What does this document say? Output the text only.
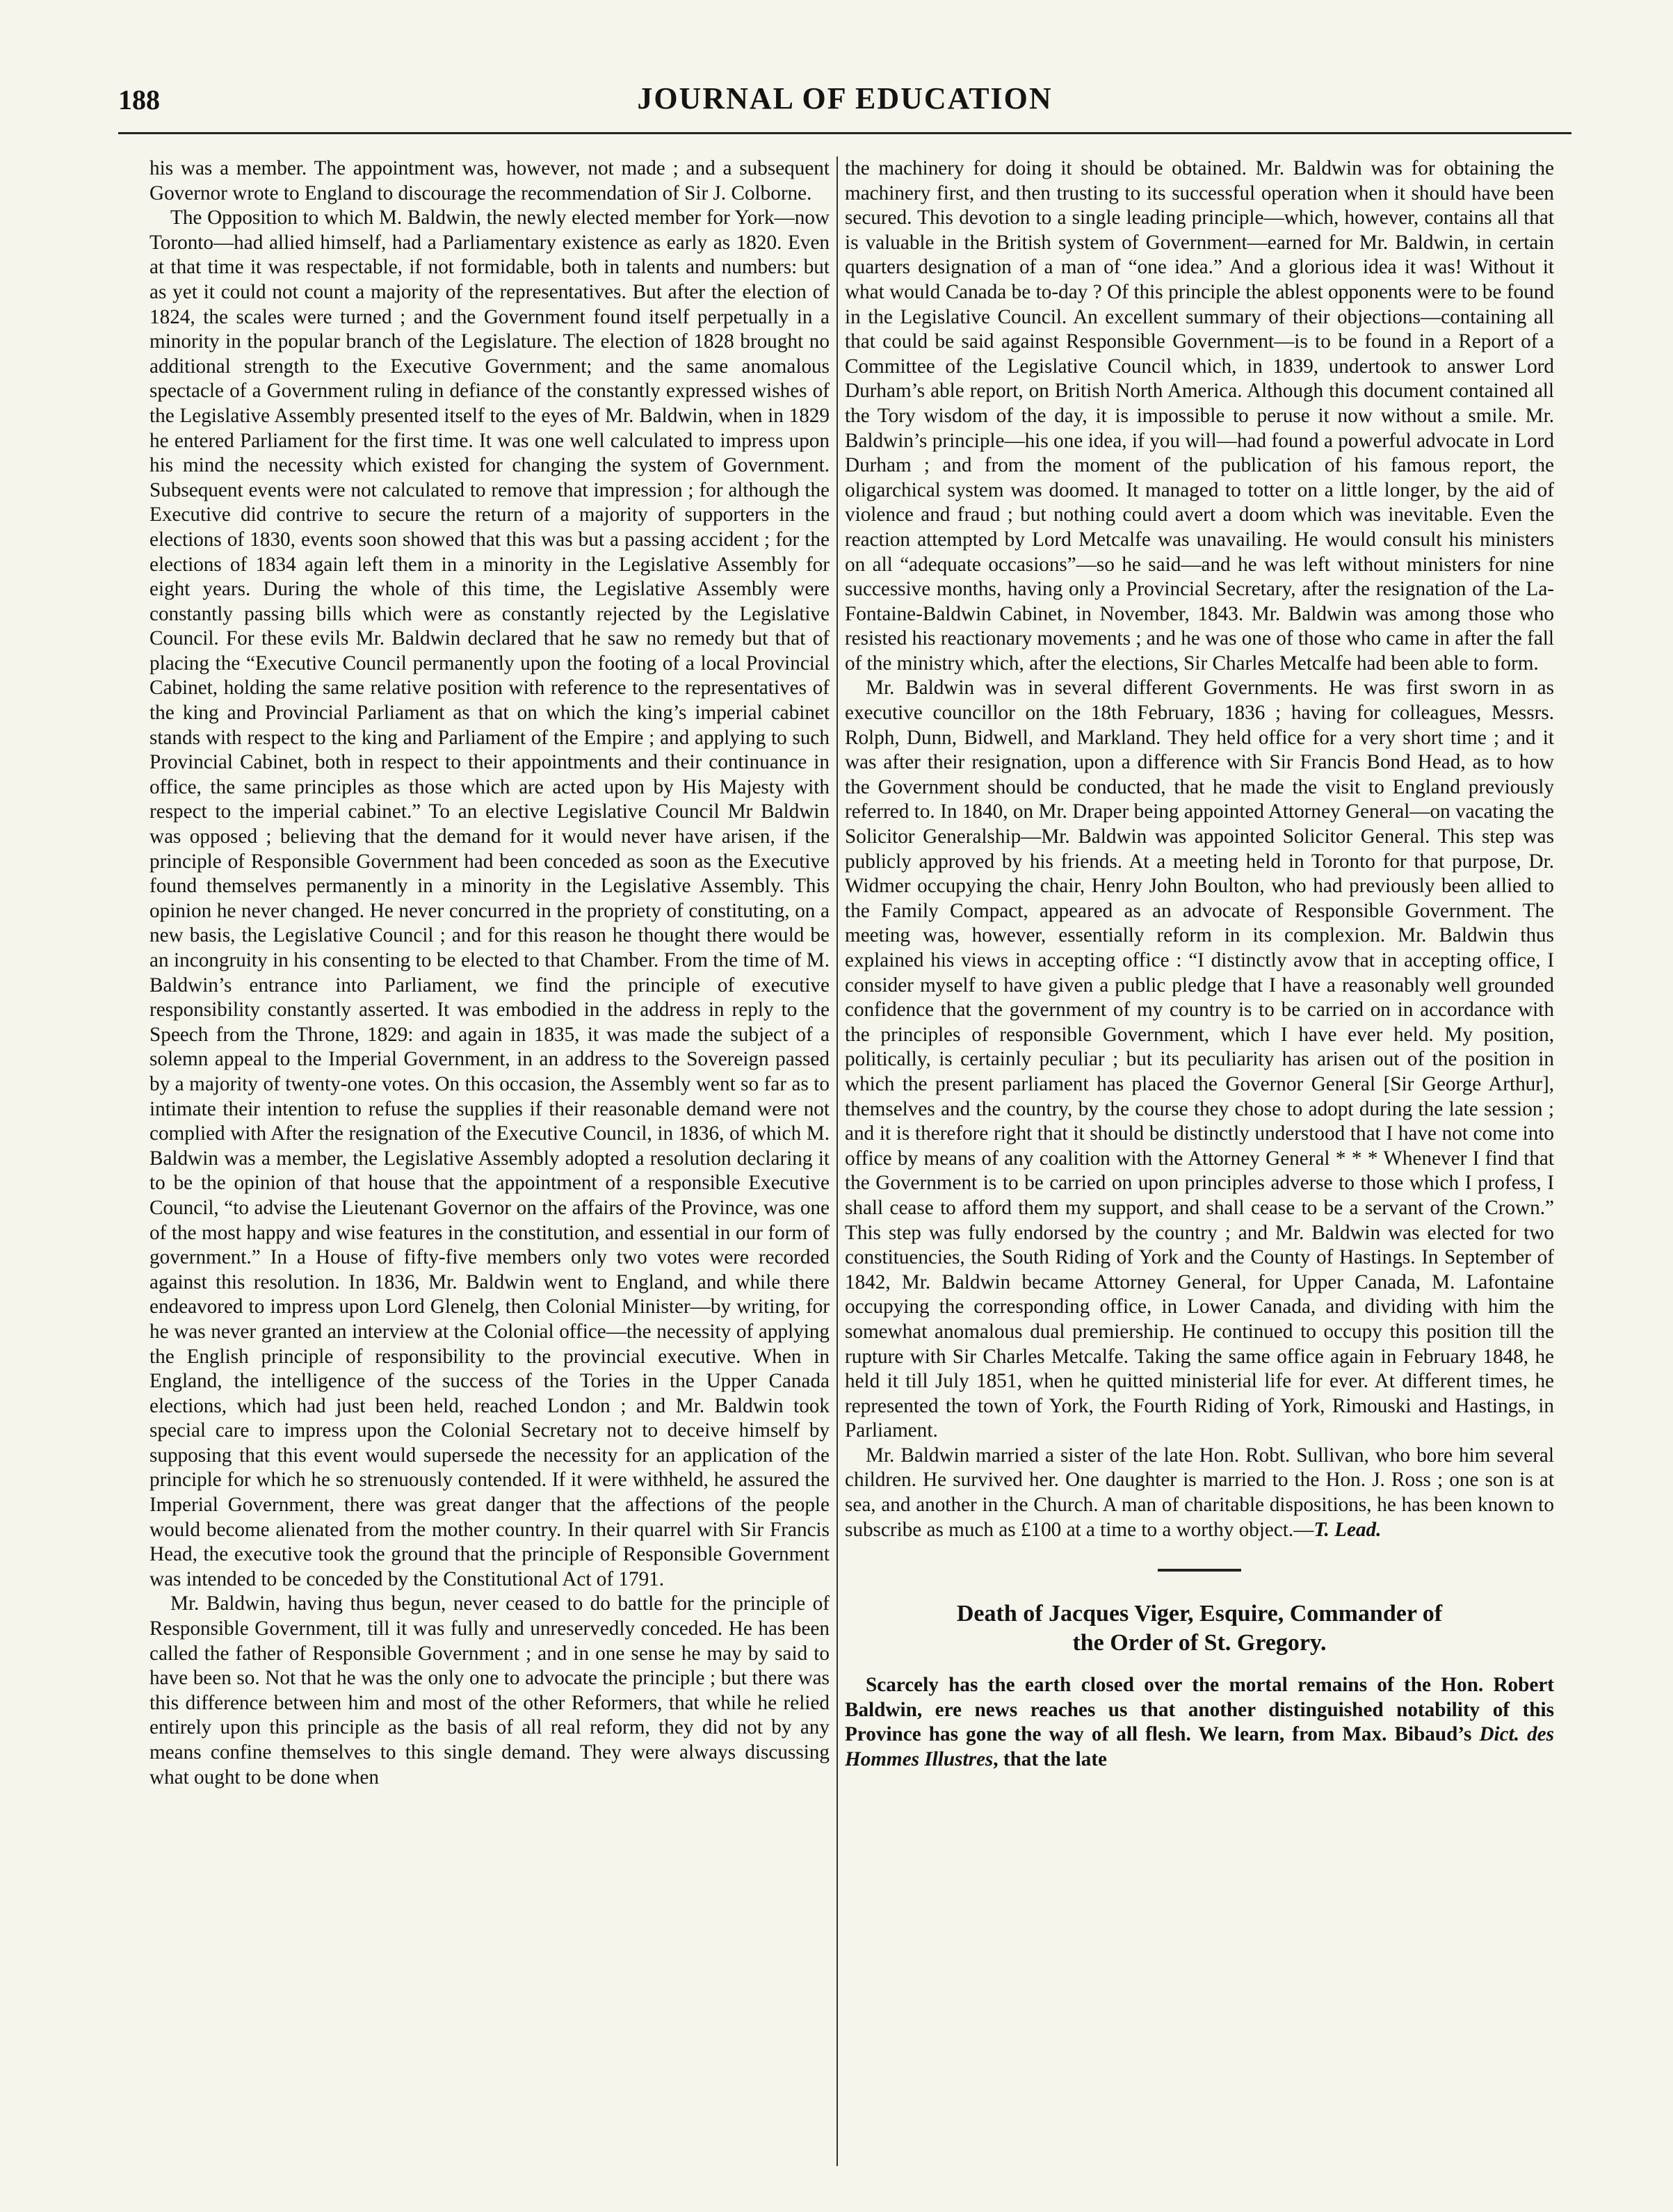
188	JOURNAL OF EDUCATION

his was a member. The appointment was, however, not made ; and a subsequent Governor wrote to England to discourage the recommendation of Sir J. Colborne.

The Opposition to which M. Baldwin, the newly elected member for York—now Toronto—had allied himself, had a Parliamentary existence as early as 1820. Even at that time it was respectable, if not formidable, both in talents and numbers: but as yet it could not count a majority of the representatives. But after the election of 1824, the scales were turned ; and the Government found itself perpetually in a minority in the popular branch of the Legislature. The election of 1828 brought no additional strength to the Executive Government; and the same anomalous spectacle of a Government ruling in defiance of the constantly expressed wishes of the Legislative Assembly presented itself to the eyes of Mr. Baldwin, when in 1829 he entered Parliament for the first time. It was one well calculated to impress upon his mind the necessity which existed for changing the system of Government. Subsequent events were not calculated to remove that impression ; for although the Executive did contrive to secure the return of a majority of supporters in the elections of 1830, events soon showed that this was but a passing accident ; for the elections of 1834 again left them in a minority in the Legislative Assembly for eight years. During the whole of this time, the Legislative Assembly were constantly passing bills which were as constantly rejected by the Legislative Council. For these evils Mr. Baldwin declared that he saw no remedy but that of placing the “Executive Council permanently upon the footing of a local Provincial Cabinet, holding the same relative position with reference to the representatives of the king and Provincial Parliament as that on which the king’s imperial cabinet stands with respect to the king and Parliament of the Empire ; and applying to such Provincial Cabinet, both in respect to their appointments and their continuance in office, the same principles as those which are acted upon by His Majesty with respect to the imperial cabinet.” To an elective Legislative Council Mr Baldwin was opposed ; believing that the demand for it would never have arisen, if the principle of Responsible Government had been conceded as soon as the Executive found themselves permanently in a minority in the Legislative Assembly. This opinion he never changed. He never concurred in the propriety of constituting, on a new basis, the Legislative Council ; and for this reason he thought there would be an incongruity in his consenting to be elected to that Chamber. From the time of M. Baldwin’s entrance into Parliament, we find the principle of executive responsibility constantly asserted. It was embodied in the address in reply to the Speech from the Throne, 1829: and again in 1835, it was made the subject of a solemn appeal to the Imperial Government, in an address to the Sovereign passed by a majority of twenty-one votes. On this occasion, the Assembly went so far as to intimate their intention to refuse the supplies if their reasonable demand were not complied with After the resignation of the Executive Council, in 1836, of which M. Baldwin was a member, the Legislative Assembly adopted a resolution declaring it to be the opinion of that house that the appointment of a responsible Executive Council, “to advise the Lieutenant Governor on the affairs of the Province, was one of the most happy and wise features in the constitution, and essential in our form of government.” In a House of fifty-five members only two votes were recorded against this resolution. In 1836, Mr. Baldwin went to England, and while there endeavored to impress upon Lord Glenelg, then Colonial Minister—by writing, for he was never granted an interview at the Colonial office—the necessity of applying the English principle of responsibility to the provincial executive. When in England, the intelligence of the success of the Tories in the Upper Canada elections, which had just been held, reached London ; and Mr. Baldwin took special care to impress upon the Colonial Secretary not to deceive himself by supposing that this event would supersede the necessity for an application of the principle for which he so strenuously contended. If it were withheld, he assured the Imperial Government, there was great danger that the affections of the people would become alienated from the mother country. In their quarrel with Sir Francis Head, the executive took the ground that the principle of Responsible Government was intended to be conceded by the Constitutional Act of 1791.

Mr. Baldwin, having thus begun, never ceased to do battle for the principle of Responsible Government, till it was fully and unreservedly conceded. He has been called the father of Responsible Government ; and in one sense he may by said to have been so. Not that he was the only one to advocate the principle ; but there was this difference between him and most of the other Reformers, that while he relied entirely upon this principle as the basis of all real reform, they did not by any means confine themselves to this single demand. They were always discussing what ought to be done when

the machinery for doing it should be obtained. Mr. Baldwin was for obtaining the machinery first, and then trusting to its successful operation when it should have been secured. This devotion to a single leading principle—which, however, contains all that is valuable in the British system of Government—earned for Mr. Baldwin, in certain quarters designation of a man of “one idea.” And a glorious idea it was! Without it what would Canada be to-day ? Of this principle the ablest opponents were to be found in the Legislative Council. An excellent summary of their objections—containing all that could be said against Responsible Government—is to be found in a Report of a Committee of the Legislative Council which, in 1839, undertook to answer Lord Durham’s able report, on British North America. Although this document contained all the Tory wisdom of the day, it is impossible to peruse it now without a smile. Mr. Baldwin’s principle—his one idea, if you will—had found a powerful advocate in Lord Durham ; and from the moment of the publication of his famous report, the oligarchical system was doomed. It managed to totter on a little longer, by the aid of violence and fraud ; but nothing could avert a doom which was inevitable. Even the reaction attempted by Lord Metcalfe was unavailing. He would consult his ministers on all “adequate occasions”—so he said—and he was left without ministers for nine successive months, having only a Provincial Secretary, after the resignation of the La-Fontaine-Baldwin Cabinet, in November, 1843. Mr. Baldwin was among those who resisted his reactionary movements ; and he was one of those who came in after the fall of the ministry which, after the elections, Sir Charles Metcalfe had been able to form.

Mr. Baldwin was in several different Governments. He was first sworn in as executive councillor on the 18th February, 1836 ; having for colleagues, Messrs. Rolph, Dunn, Bidwell, and Markland. They held office for a very short time ; and it was after their resignation, upon a difference with Sir Francis Bond Head, as to how the Government should be conducted, that he made the visit to England previously referred to. In 1840, on Mr. Draper being appointed Attorney General—on vacating the Solicitor Generalship—Mr. Baldwin was appointed Solicitor General. This step was publicly approved by his friends. At a meeting held in Toronto for that purpose, Dr. Widmer occupying the chair, Henry John Boulton, who had previously been allied to the Family Compact, appeared as an advocate of Responsible Government. The meeting was, however, essentially reform in its complexion. Mr. Baldwin thus explained his views in accepting office : “I distinctly avow that in accepting office, I consider myself to have given a public pledge that I have a reasonably well grounded confidence that the government of my country is to be carried on in accordance with the principles of responsible Government, which I have ever held. My position, politically, is certainly peculiar ; but its peculiarity has arisen out of the position in which the present parliament has placed the Governor General [Sir George Arthur], themselves and the country, by the course they chose to adopt during the late session ; and it is therefore right that it should be distinctly understood that I have not come into office by means of any coalition with the Attorney General * * * Whenever I find that the Government is to be carried on upon principles adverse to those which I profess, I shall cease to afford them my support, and shall cease to be a servant of the Crown.” This step was fully endorsed by the country ; and Mr. Baldwin was elected for two constituencies, the South Riding of York and the County of Hastings. In September of 1842, Mr. Baldwin became Attorney General, for Upper Canada, M. Lafontaine occupying the corresponding office, in Lower Canada, and dividing with him the somewhat anomalous dual premiership. He continued to occupy this position till the rupture with Sir Charles Metcalfe. Taking the same office again in February 1848, he held it till July 1851, when he quitted ministerial life for ever. At different times, he represented the town of York, the Fourth Riding of York, Rimouski and Hastings, in Parliament.

Mr. Baldwin married a sister of the late Hon. Robt. Sullivan, who bore him several children. He survived her. One daughter is married to the Hon. J. Ross ; one son is at sea, and another in the Church. A man of charitable dispositions, he has been known to subscribe as much as £100 at a time to a worthy object.—T. Lead.

Death of Jacques Viger, Esquire, Commander of
the Order of St. Gregory.

Scarcely has the earth closed over the mortal remains of the Hon. Robert Baldwin, ere news reaches us that another distinguished notability of this Province has gone the way of all flesh. We learn, from Max. Bibaud’s Dict. des Hommes Illustres, that the late
